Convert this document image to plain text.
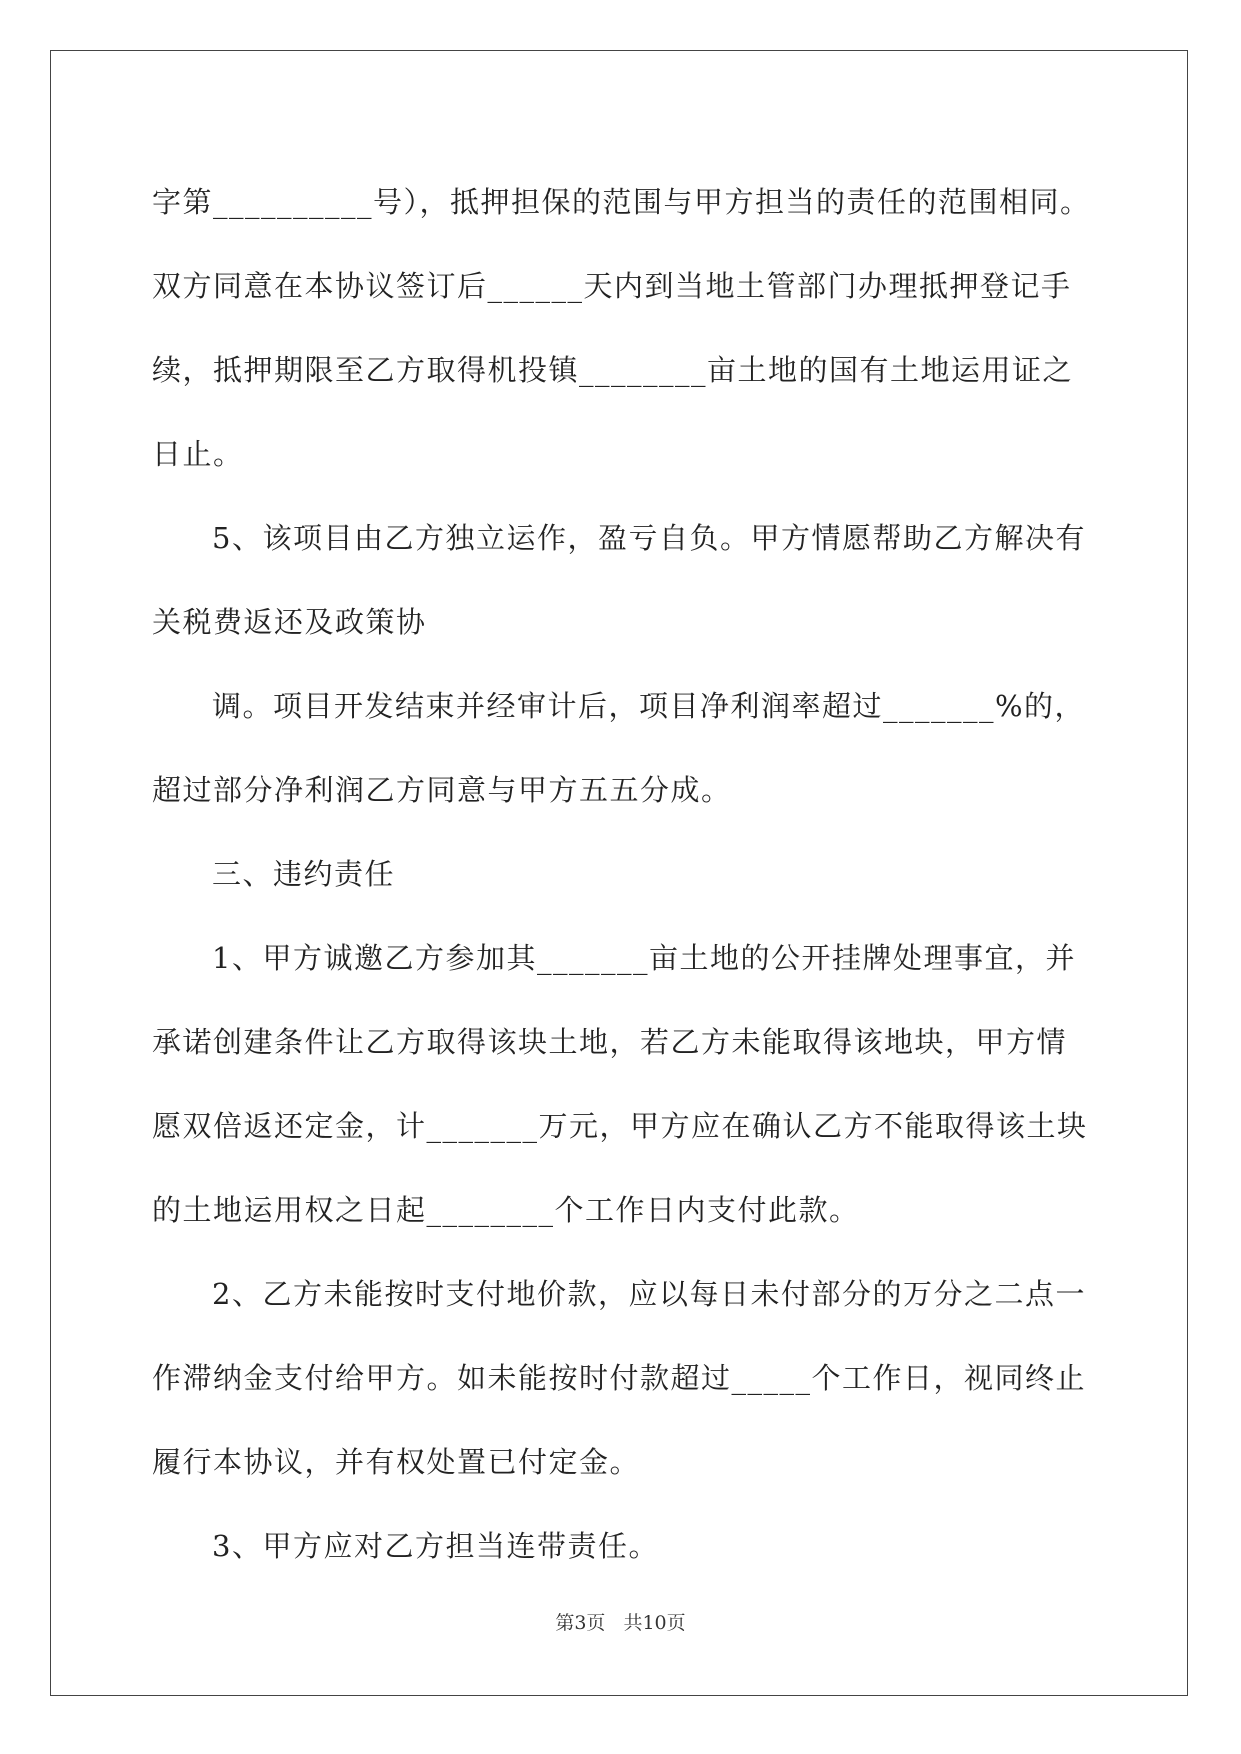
字第__________号），抵押担保的范围与甲方担当的责任的范围相同。
双方同意在本协议签订后______天内到当地土管部门办理抵押登记手
续，抵押期限至乙方取得机投镇________亩土地的国有土地运用证之
日止。
5、该项目由乙方独立运作，盈亏自负。甲方情愿帮助乙方解决有
关税费返还及政策协
调。项目开发结束并经审计后，项目净利润率超过_______%的，
超过部分净利润乙方同意与甲方五五分成。
三、违约责任
1、甲方诚邀乙方参加其_______亩土地的公开挂牌处理事宜，并
承诺创建条件让乙方取得该块土地，若乙方未能取得该地块，甲方情
愿双倍返还定金，计_______万元，甲方应在确认乙方不能取得该土块
的土地运用权之日起________个工作日内支付此款。
2、乙方未能按时支付地价款，应以每日未付部分的万分之二点一
作滞纳金支付给甲方。如未能按时付款超过_____个工作日，视同终止
履行本协议，并有权处置已付定金。
3、甲方应对乙方担当连带责任。
第3页 共10页
